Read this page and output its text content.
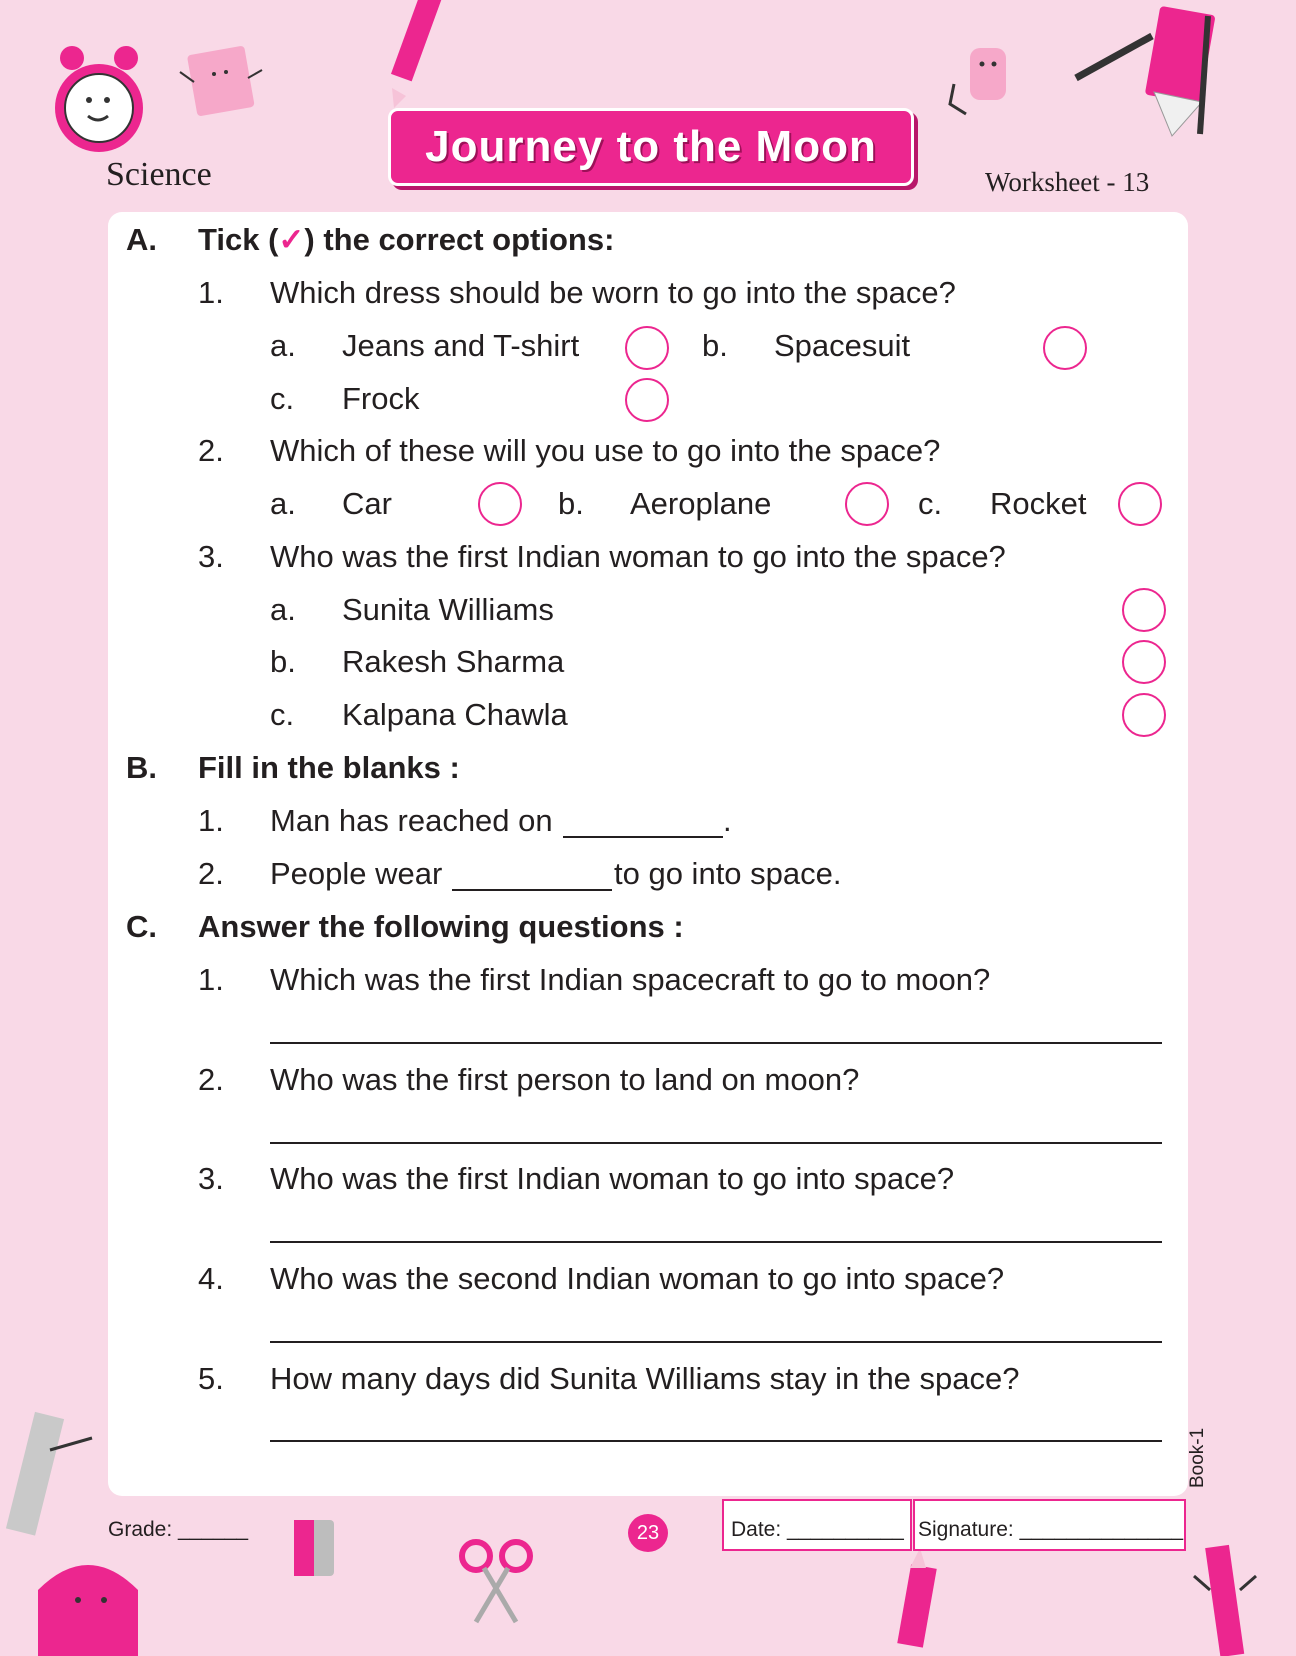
Science
Journey to the Moon
Worksheet - 13
A. Tick (✓) the correct options:
1. Which dress should be worn to go into the space?
a. Jeans and T-shirt	b. Spacesuit
c. Frock
2. Which of these will you use to go into the space?
a. Car	b. Aeroplane	c. Rocket
3. Who was the first Indian woman to go into the space?
a. Sunita Williams
b. Rakesh Sharma
c. Kalpana Chawla
B. Fill in the blanks :
1. Man has reached on	.
2. People wear	to go into space.
C. Answer the following questions :
1. Which was the first Indian spacecraft to go to moon?
2. Who was the first person to land on moon?
3. Who was the first Indian woman to go into space?
4. Who was the second Indian woman to go into space?
5. How many days did Sunita Williams stay in the space?
Book-1
Grade: ______	23	Date: __________ Signature: ______________
